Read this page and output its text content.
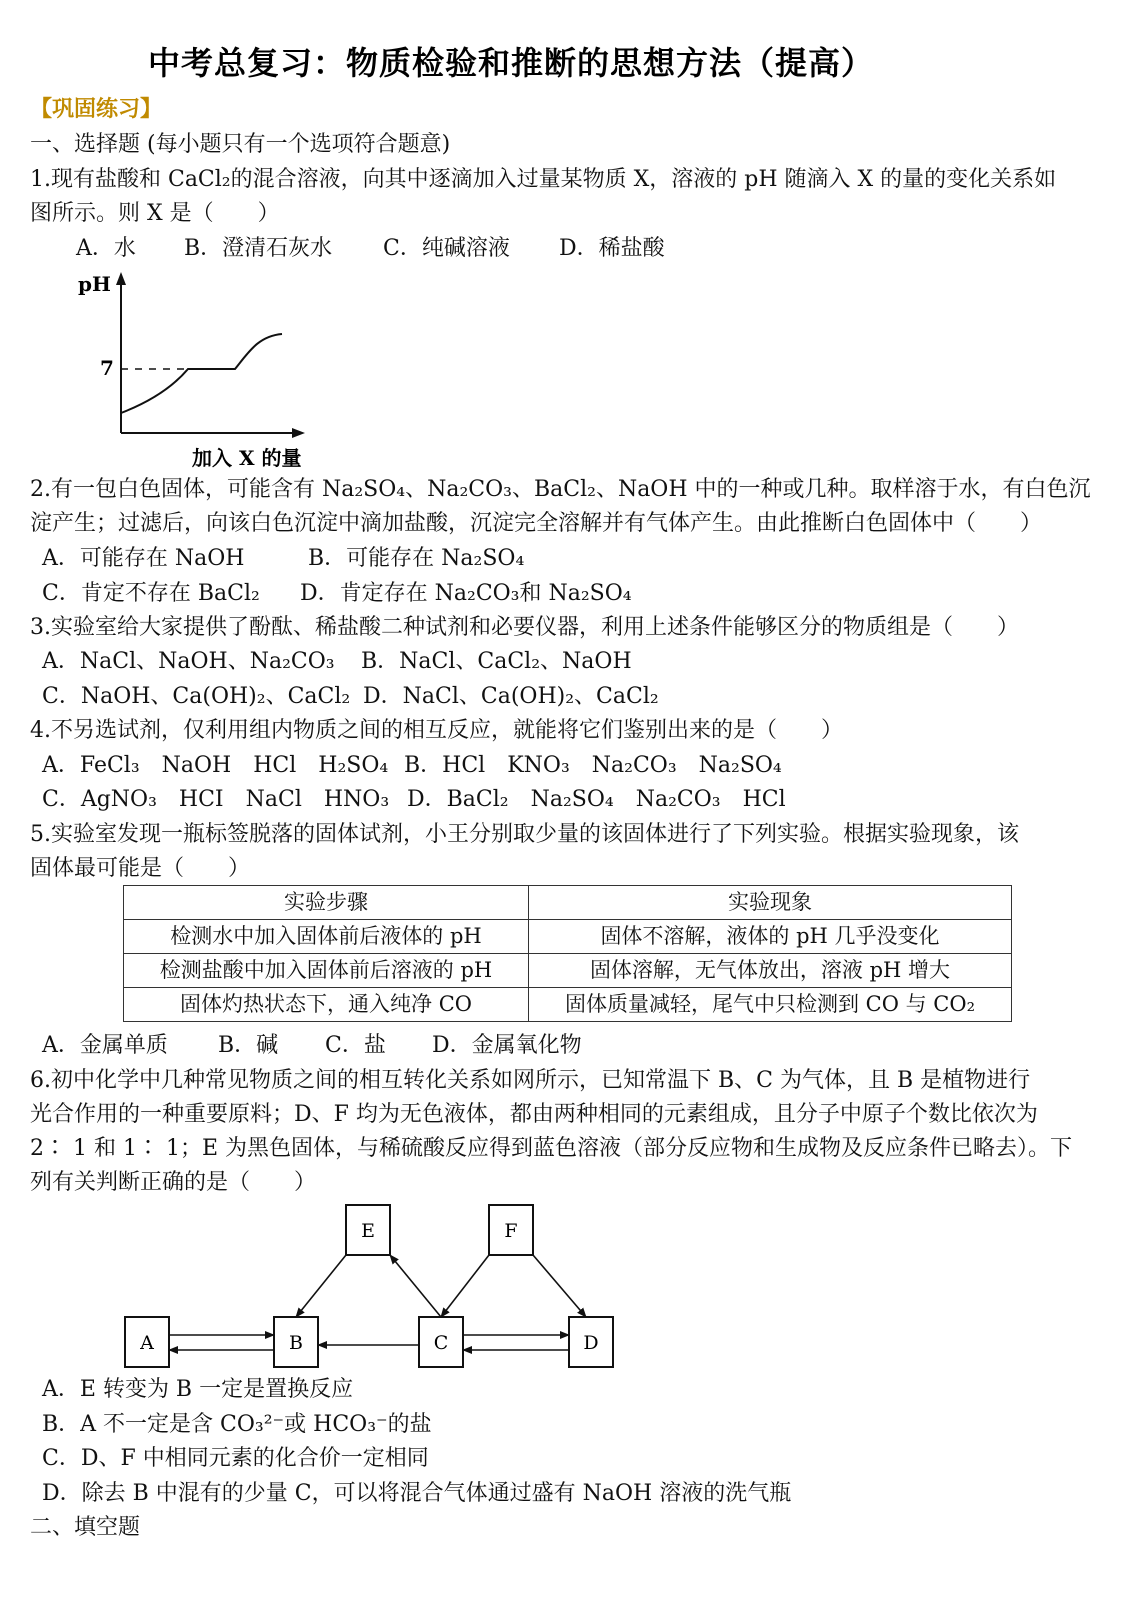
中考总复习：物质检验和推断的思想方法（提高）
【巩固练习】
一、选择题 (每小题只有一个选项符合题意)
1.现有盐酸和 CaCl₂的混合溶液，向其中逐滴加入过量某物质 X，溶液的 pH 随滴入 X 的量的变化关系如
图所示。则 X 是（　　）
A．水 B．澄清石灰水 C．纯碱溶液 D．稀盐酸
pH
7
加入 X 的量
2.有一包白色固体，可能含有 Na₂SO₄、Na₂CO₃、BaCl₂、NaOH 中的一种或几种。取样溶于水，有白色沉
淀产生；过滤后，向该白色沉淀中滴加盐酸，沉淀完全溶解并有气体产生。由此推断白色固体中（　　）
A．可能存在 NaOH	B．可能存在 Na₂SO₄
C．肯定不存在 BaCl₂ D．肯定存在 Na₂CO₃和 Na₂SO₄
3.实验室给大家提供了酚酞、稀盐酸二种试剂和必要仪器，利用上述条件能够区分的物质组是（　　）
A．NaCl、NaOH、Na₂CO₃ B．NaCl、CaCl₂、NaOH
C．NaOH、Ca(OH)₂、CaCl₂ D．NaCl、Ca(OH)₂、CaCl₂
4.不另选试剂，仅利用组内物质之间的相互反应，就能将它们鉴别出来的是（　　）
A．FeCl₃　NaOH　HCl　H₂SO₄ B．HCl　KNO₃　Na₂CO₃　Na₂SO₄
C．AgNO₃　HCI　NaCl　HNO₃ D．BaCl₂　Na₂SO₄　Na₂CO₃　HCl
5.实验室发现一瓶标签脱落的固体试剂，小王分别取少量的该固体进行了下列实验。根据实验现象，该
固体最可能是（　　）
实验步骤	实验现象
检测水中加入固体前后液体的 pH	固体不溶解，液体的 pH 几乎没变化
检测盐酸中加入固体前后溶液的 pH	固体溶解，无气体放出，溶液 pH 增大
固体灼热状态下，通入纯净 CO	固体质量减轻，尾气中只检测到 CO 与 CO₂
A．金属单质 B．碱 C．盐 D．金属氧化物
6.初中化学中几种常见物质之间的相互转化关系如网所示，已知常温下 B、C 为气体，且 B 是植物进行
光合作用的一种重要原料；D、F 均为无色液体，都由两种相同的元素组成，且分子中原子个数比依次为
2∶ 1 和 1∶ 1；E 为黑色固体，与稀硫酸反应得到蓝色溶液（部分反应物和生成物及反应条件已略去）。下
列有关判断正确的是（　　）
E	F
A	B	C	D
A．E 转变为 B 一定是置换反应
B．A 不一定是含 CO₃²⁻或 HCO₃⁻的盐
C．D、F 中相同元素的化合价一定相同
D．除去 B 中混有的少量 C，可以将混合气体通过盛有 NaOH 溶液的洗气瓶
二、填空题
